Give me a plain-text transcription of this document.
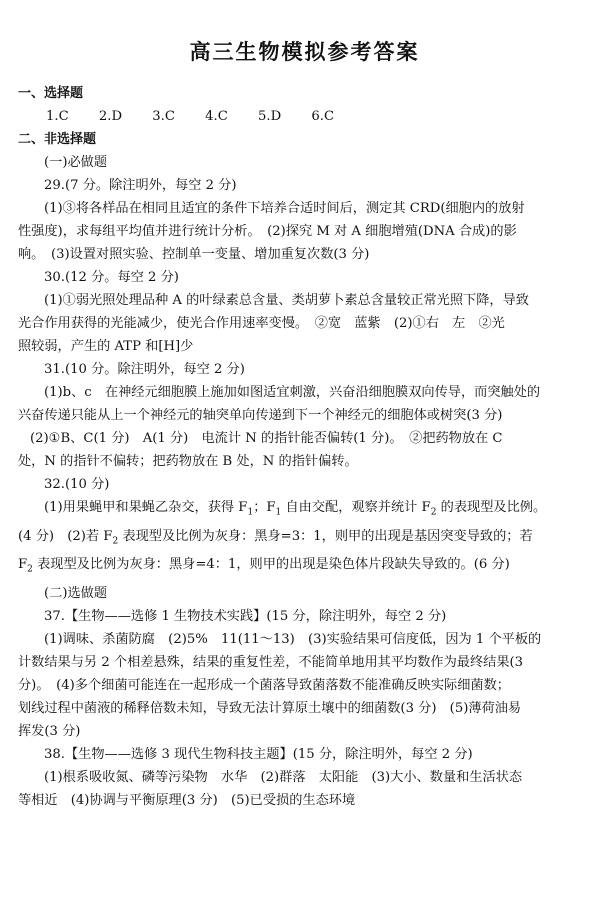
高三生物模拟参考答案

一、选择题

1.C 2.D 3.C 4.C 5.D 6.C

二、非选择题

(一)必做题

29.(7 分。除注明外，每空 2 分)

(1)③将各样品在相同且适宜的条件下培养合适时间后，测定其 CRD(细胞内的放射

性强度)，求每组平均值并进行统计分析。　(2)探究 M 对 A 细胞增殖(DNA 合成)的影

响。　(3)设置对照实验、控制单一变量、增加重复次数(3 分)

30.(12 分。每空 2 分)

(1)①弱光照处理品种 A 的叶绿素总含量、类胡萝卜素总含量较正常光照下降，导致

光合作用获得的光能减少，使光合作用速率变慢。　②宽　蓝紫　(2)①右　左　②光

照较弱，产生的 ATP 和[H]少

31.(10 分。除注明外，每空 2 分)

(1)b、c　在神经元细胞膜上施加如图适宜刺激，兴奋沿细胞膜双向传导，而突触处的

兴奋传递只能从上一个神经元的轴突单向传递到下一个神经元的细胞体或树突(3 分)

(2)①B、C(1 分)　A(1 分)　电流计 N 的指针能否偏转(1 分)。　②把药物放在 C

处，N 的指针不偏转；把药物放在 B 处，N 的指针偏转。

32.(10 分)

(1)用果蝇甲和果蝇乙杂交，获得 $F_1$；$F_1$ 自由交配，观察并统计 $F_2$ 的表现型及比例。

(4 分)　(2)若 $F_2$ 表现型及比例为灰身：黑身=3：1，则甲的出现是基因突变导致的；若

$F_2$ 表现型及比例为灰身：黑身=4：1，则甲的出现是染色体片段缺失导致的。(6 分)

(二)选做题

37.【生物——选修 1 生物技术实践】(15 分，除注明外，每空 2 分)

(1)调味、杀菌防腐　(2)5%　11(11～13)　(3)实验结果可信度低，因为 1 个平板的

计数结果与另 2 个相差悬殊，结果的重复性差，不能简单地用其平均数作为最终结果(3

分)。　(4)多个细菌可能连在一起形成一个菌落导致菌落数不能准确反映实际细菌数；

划线过程中菌液的稀释倍数未知，导致无法计算原土壤中的细菌数(3 分)　(5)薄荷油易

挥发(3 分)

38.【生物——选修 3 现代生物科技主题】(15 分，除注明外，每空 2 分)

(1)根系吸收氮、磷等污染物　水华　(2)群落　太阳能　(3)大小、数量和生活状态

等相近　(4)协调与平衡原理(3 分)　(5)已受损的生态环境
